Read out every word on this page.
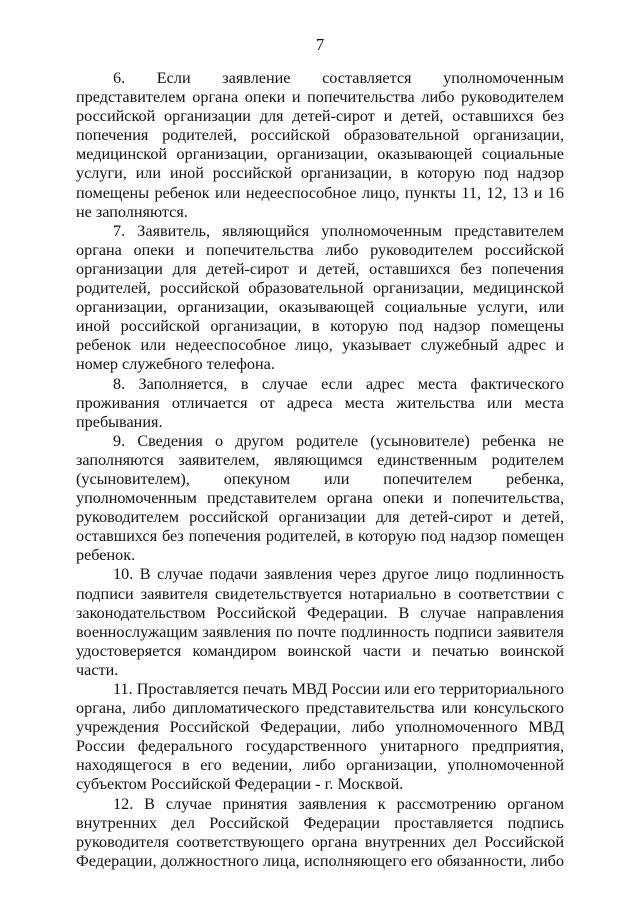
7

6. Если заявление составляется уполномоченным представителем органа опеки и попечительства либо руководителем российской организации для детей-сирот и детей, оставшихся без попечения родителей, российской образовательной организации, медицинской организации, организации, оказывающей социальные услуги, или иной российской организации, в которую под надзор помещены ребенок или недееспособное лицо, пункты 11, 12, 13 и 16 не заполняются.

7. Заявитель, являющийся уполномоченным представителем органа опеки и попечительства либо руководителем российской организации для детей-сирот и детей, оставшихся без попечения родителей, российской образовательной организации, медицинской организации, организации, оказывающей социальные услуги, или иной российской организации, в которую под надзор помещены ребенок или недееспособное лицо, указывает служебный адрес и номер служебного телефона.

8. Заполняется, в случае если адрес места фактического проживания отличается от адреса места жительства или места пребывания.

9. Сведения о другом родителе (усыновителе) ребенка не заполняются заявителем, являющимся единственным родителем (усыновителем), опекуном или попечителем ребенка, уполномоченным представителем органа опеки и попечительства, руководителем российской организации для детей-сирот и детей, оставшихся без попечения родителей, в которую под надзор помещен ребенок.

10. В случае подачи заявления через другое лицо подлинность подписи заявителя свидетельствуется нотариально в соответствии с законодательством Российской Федерации. В случае направления военнослужащим заявления по почте подлинность подписи заявителя удостоверяется командиром воинской части и печатью воинской части.

11. Проставляется печать МВД России или его территориального органа, либо дипломатического представительства или консульского учреждения Российской Федерации, либо уполномоченного МВД России федерального государственного унитарного предприятия, находящегося в его ведении, либо организации, уполномоченной субъектом Российской Федерации - г. Москвой.

12. В случае принятия заявления к рассмотрению органом внутренних дел Российской Федерации проставляется подпись руководителя соответствующего органа внутренних дел Российской Федерации, должностного лица, исполняющего его обязанности, либо
